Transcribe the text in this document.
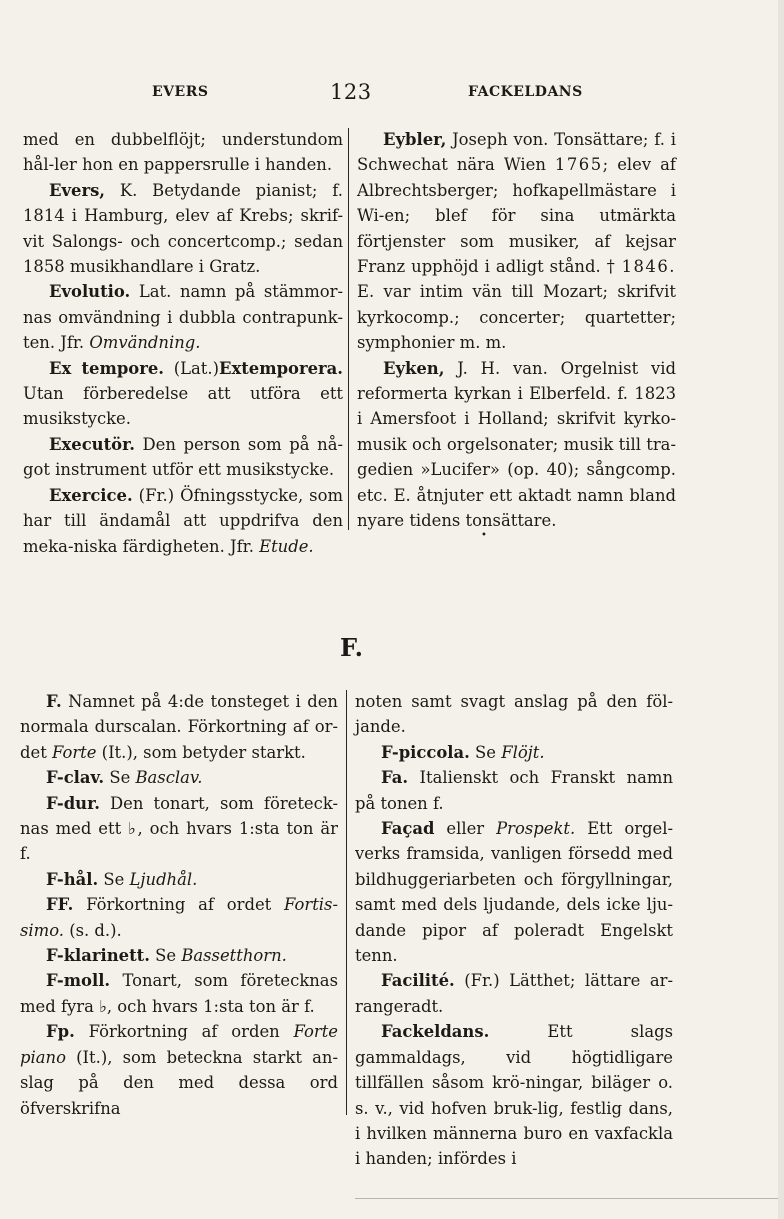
EVERS	123	FACKELDANS

med en dubbelflöjt; understundom hål-ler hon en pappersrulle i handen.

Evers, K. Betydande pianist; f. 1814 i Hamburg, elev af Krebs; skrif-vit Salongs- och concertcomp.; sedan 1858 musikhandlare i Gratz.

Evolutio. Lat. namn på stämmor-nas omvändning i dubbla contrapunk-ten. Jfr. Omvändning.

Ex tempore. (Lat.)Extemporera. Utan förberedelse att utföra ett musikstycke.

Executör. Den person som på nå-got instrument utför ett musikstycke.

Exercice. (Fr.) Öfningsstycke, som har till ändamål att uppdrifva den meka-niska färdigheten. Jfr. Etude.

Eybler, Joseph von. Tonsättare; f. i Schwechat nära Wien 1765; elev af Albrechtsberger; hofkapellmästare i Wi-en; blef för sina utmärkta förtjenster som musiker, af kejsar Franz upphöjd i adligt stånd. † 1846. E. var intim vän till Mozart; skrifvit kyrkocomp.; concerter; quartetter; symphonier m. m.

Eyken, J. H. van. Orgelnist vid reformerta kyrkan i Elberfeld. f. 1823 i Amersfoot i Holland; skrifvit kyrko-musik och orgelsonater; musik till tra-gedien »Lucifer» (op. 40); sångcomp. etc. E. åtnjuter ett aktadt namn bland nyare tidens tonsättare.

•
F.

F. Namnet på 4:de tonsteget i den normala durscalan. Förkortning af or-det Forte (It.), som betyder starkt.

F-clav. Se Basclav.

F-dur. Den tonart, som företeck-nas med ett ♭, och hvars 1:sta ton är f.

F-hål. Se Ljudhål.

FF. Förkortning af ordet Fortis-simo. (s. d.).

F-klarinett. Se Bassetthorn.

F-moll. Tonart, som företecknas med fyra ♭, och hvars 1:sta ton är f.

Fp. Förkortning af orden Forte piano (It.), som beteckna starkt an-slag på den med dessa ord öfverskrifna

noten samt svagt anslag på den föl-jande.

F-piccola. Se Flöjt.

Fa. Italienskt och Franskt namn på tonen f.

Façad eller Prospekt. Ett orgel-verks framsida, vanligen försedd med bildhuggeriarbeten och förgyllningar, samt med dels ljudande, dels icke lju-dande pipor af poleradt Engelskt tenn.

Facilité. (Fr.) Lätthet; lättare ar-rangeradt.

Fackeldans. Ett slags gammaldags, vid högtidligare tillfällen såsom krö-ningar, biläger o. s. v., vid hofven bruk-lig, festlig dans, i hvilken männerna buro en vaxfackla i handen; infördes i
